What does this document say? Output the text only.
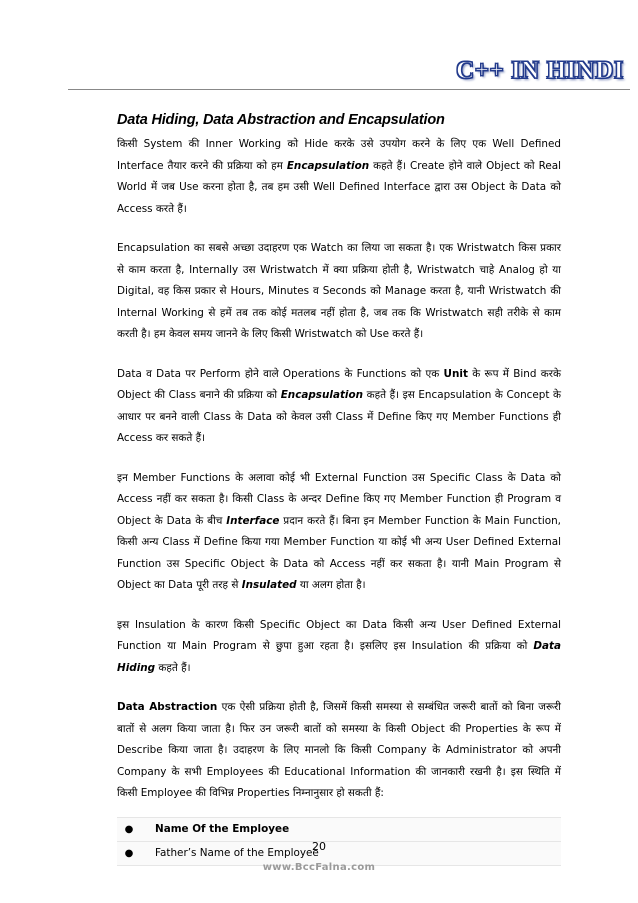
C++ IN HINDI
Data Hiding, Data Abstraction and Encapsulation

किसी System की Inner Working को Hide करके उसे उपयोग करने के लिए एक Well Defined Interface तैयार करने की प्रक्रिया को हम Encapsulation कहते हैं। Create होने वाले Object को Real World में जब Use करना होता है, तब हम उसी Well Defined Interface द्वारा उस Object के Data को Access करते हैं।

Encapsulation का सबसे अच्छा उदाहरण एक Watch का लिया जा सकता है। एक Wristwatch किस प्रकार से काम करता है, Internally उस Wristwatch में क्या प्रक्रिया होती है, Wristwatch चाहे Analog हो या Digital, वह किस प्रकार से Hours, Minutes व Seconds को Manage करता है, यानी Wristwatch की Internal Working से हमें तब तक कोई मतलब नहीं होता है, जब तक कि Wristwatch सही तरीके से काम करती है। हम केवल समय जानने के लिए किसी Wristwatch को Use करते हैं।

Data व Data पर Perform होने वाले Operations के Functions को एक Unit के रूप में Bind करके Object की Class बनाने की प्रक्रिया को Encapsulation कहते हैं। इस Encapsulation के Concept के आधार पर बनने वाली Class के Data को केवल उसी Class में Define किए गए Member Functions ही Access कर सकते हैं।

इन Member Functions के अलावा कोई भी External Function उस Specific Class के Data को Access नहीं कर सकता है। किसी Class के अन्दर Define किए गए Member Function ही Program व Object के Data के बीच Interface प्रदान करते हैं। बिना इन Member Function के Main Function, किसी अन्य Class में Define किया गया Member Function या कोई भी अन्य User Defined External Function उस Specific Object के Data को Access नहीं कर सकता है। यानी Main Program से Object का Data पूरी तरह से Insulated या अलग होता है।

इस Insulation के कारण किसी Specific Object का Data किसी अन्य User Defined External Function या Main Program से छुपा हुआ रहता है। इसलिए इस Insulation की प्रक्रिया को Data Hiding कहते हैं।

Data Abstraction एक ऐसी प्रक्रिया होती है, जिसमें किसी समस्या से सम्बंधित जरूरी बातों को बिना जरूरी बातों से अलग किया जाता है। फिर उन जरूरी बातों को समस्या के किसी Object की Properties के रूप में Describe किया जाता है। उदाहरण के लिए मानलो कि किसी Company के Administrator को अपनी Company के सभी Employees की Educational Information की जानकारी रखनी है। इस स्थिति में किसी Employee की विभिन्न Properties निम्नानुसार हो सकती हैं:

●	Name Of the Employee
●	Father’s Name of the Employee
20
www.BccFalna.com
